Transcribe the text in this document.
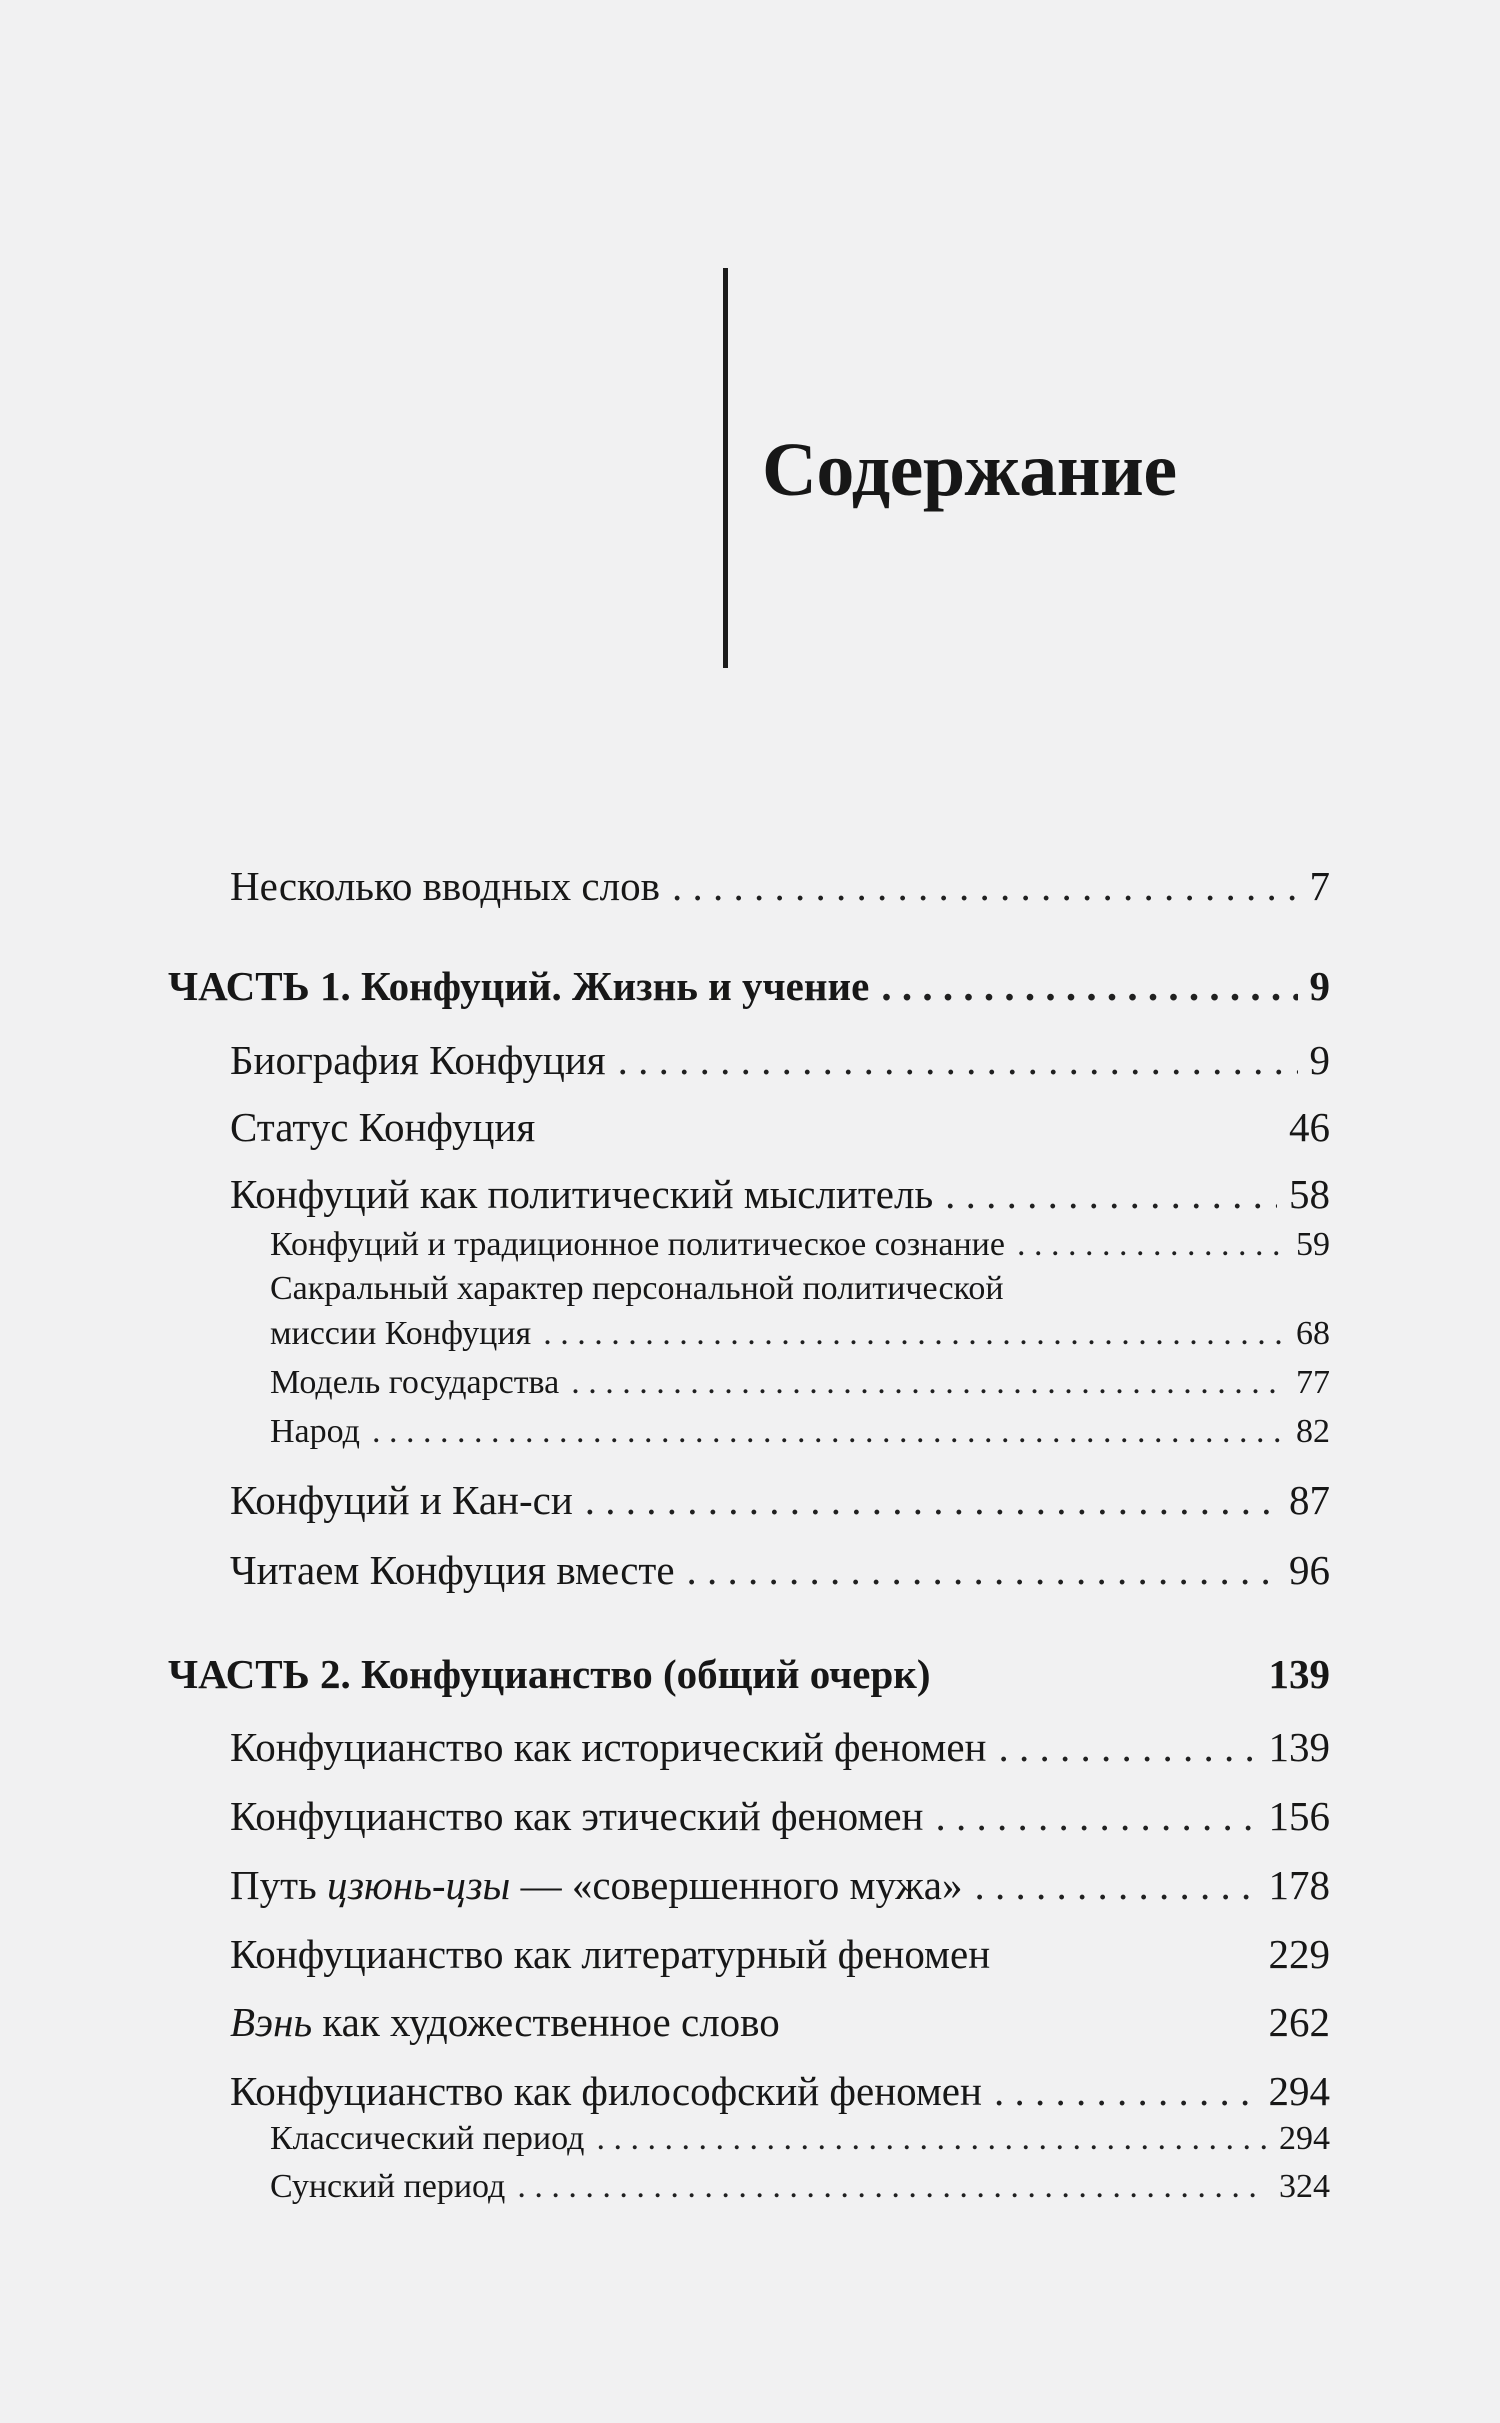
Содержание
Несколько вводных слов . . .	7
ЧАСТЬ 1. Конфуций. Жизнь и учение . . .	9
Биография Конфуция . . .	9
Статус Конфуция	46
Конфуций как политический мыслитель . . .	58
Конфуций и традиционное политическое сознание . . .	59
Сакральный характер персональной политической
миссии Конфуция . . .	68
Модель государства . . .	77
Народ . . .	82
Конфуций и Кан-си . . .	87
Читаем Конфуция вместе . . .	96
ЧАСТЬ 2. Конфуцианство (общий очерк)	139
Конфуцианство как исторический феномен . . .	139
Конфуцианство как этический феномен . . .	156
Путь цзюнь-цзы — «совершенного мужа» . . .	178
Конфуцианство как литературный феномен	229
Вэнь как художественное слово	262
Конфуцианство как философский феномен . . .	294
Классический период . . .	294
Сунский период . . .	324
